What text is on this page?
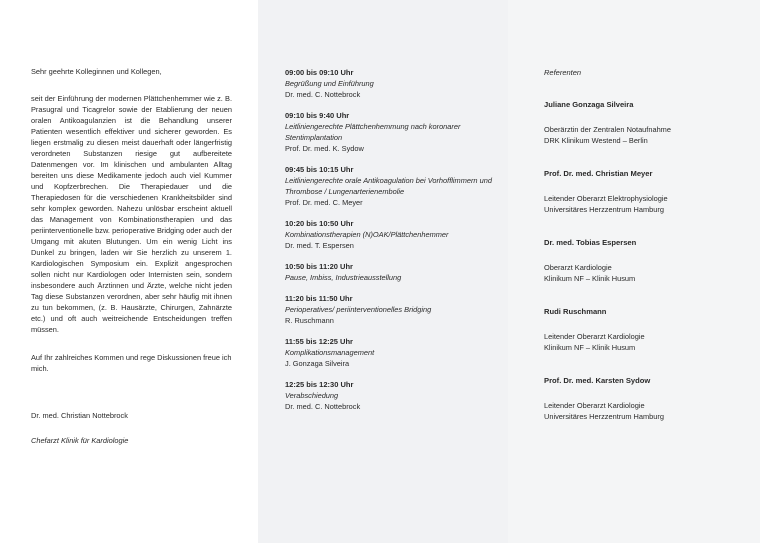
Sehr geehrte Kolleginnen und Kollegen,

seit der Einführung der modernen Plättchenhemmer wie z. B. Prasugral und Ticagrelor sowie der Etablierung der neuen oralen Antikoagulanzien ist die Behandlung unserer Patienten wesentlich effektiver und sicherer geworden. Es liegen erstmalig zu diesen meist dauerhaft oder längerfristig verordneten Substanzen riesige gut aufbereitete Datenmengen vor. Im klinischen und ambulanten Alltag bereiten uns diese Medikamente jedoch auch viel Kummer und Kopfzerbrechen. Die Therapiedauer und die Therapiedosen für die verschiedenen Krankheitsbilder sind sehr komplex geworden. Nahezu unlösbar erscheint aktuell das Management von Kombinationstherapien und das periinterventionelle bzw. perioperative Bridging oder auch der Umgang mit akuten Blutungen. Um ein wenig Licht ins Dunkel zu bringen, laden wir Sie herzlich zu unserem 1. Kardiologischen Symposium ein. Explizit angesprochen sollen nicht nur Kardiologen oder Internisten sein, sondern insbesondere auch Ärztinnen und Ärzte, welche nicht jeden Tag diese Substanzen verordnen, aber sehr häufig mit ihnen zu tun bekommen, (z. B. Hausärzte, Chirurgen, Zahnärzte etc.) und oft auch weitreichende Entscheidungen treffen müssen.

Auf Ihr zahlreiches Kommen und rege Diskussionen freue ich mich.

Dr. med. Christian Nottebrock

Chefarzt Klinik für Kardiologie

09:00 bis 09:10 Uhr
Begrüßung und Einführung
Dr. med. C. Nottebrock
09:10 bis 9:40 Uhr
Leitliniengerechte Plättchenhemmung nach koronarer Stentimplantation
Prof. Dr. med. K. Sydow
09:45 bis 10:15 Uhr
Leitliniengerechte orale Antikoagulation bei Vorhofflimmern und Thrombose / Lungenarterienembolie
Prof. Dr. med. C. Meyer
10:20 bis 10:50 Uhr
Kombinationstherapien (N)OAK/Plättchenhemmer
Dr. med. T. Espersen
10:50 bis 11:20 Uhr
Pause, Imbiss, Industrieausstellung
11:20 bis 11:50 Uhr
Perioperatives/ periinterventionelles Bridging
R. Ruschmann
11:55 bis 12:25 Uhr
Komplikationsmanagement
J. Gonzaga Silveira
12:25 bis 12:30 Uhr
Verabschiedung
Dr. med. C. Nottebrock
Referenten
Juliane Gonzaga Silveira
Oberärztin der Zentralen Notaufnahme
DRK Klinikum Westend – Berlin
Prof. Dr. med. Christian Meyer
Leitender Oberarzt Elektrophysiologie
Universitäres Herzzentrum Hamburg
Dr. med. Tobias Espersen
Oberarzt Kardiologie
Klinikum NF – Klinik Husum
Rudi Ruschmann
Leitender Oberarzt Kardiologie
Klinikum NF – Klinik Husum
Prof. Dr. med. Karsten Sydow
Leitender Oberarzt Kardiologie
Universitäres Herzzentrum Hamburg
